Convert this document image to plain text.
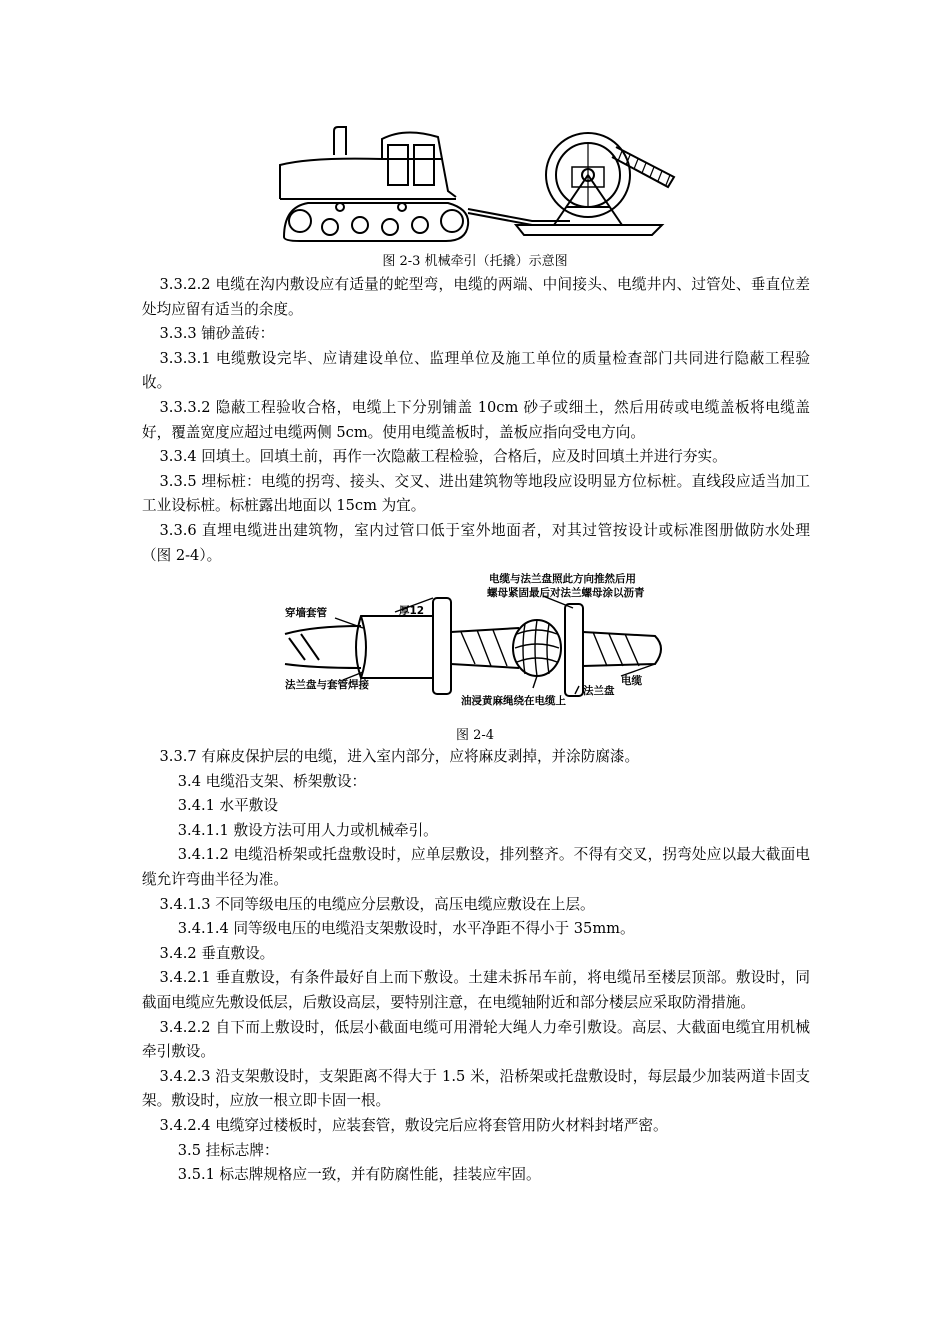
图 2-3 机械牵引（托撬）示意图

3.3.2.2 电缆在沟内敷设应有适量的蛇型弯，电缆的两端、中间接头、电缆井内、过管处、垂直位差处均应留有适当的余度。

3.3.3 铺砂盖砖：

3.3.3.1 电缆敷设完毕、应请建设单位、监理单位及施工单位的质量检查部门共同进行隐蔽工程验收。

3.3.3.2 隐蔽工程验收合格，电缆上下分别铺盖 10cm 砂子或细土，然后用砖或电缆盖板将电缆盖好，覆盖宽度应超过电缆两侧 5cm。使用电缆盖板时，盖板应指向受电方向。

3.3.4 回填土。回填土前，再作一次隐蔽工程检验，合格后，应及时回填土并进行夯实。

3.3.5 埋标桩：电缆的拐弯、接头、交叉、进出建筑物等地段应设明显方位标桩。直线段应适当加工工业设标桩。标桩露出地面以 15cm 为宜。

3.3.6 直埋电缆进出建筑物，室内过管口低于室外地面者，对其过管按设计或标准图册做防水处理（图 2-4）。

穿墙套管	厚12
电缆与法兰盘照此方向推然后用
螺母紧固最后对法兰螺母涂以沥青
法兰盘与套管焊接
油浸黄麻绳绕在电缆上
法兰盘
电缆
图 2-4

3.3.7 有麻皮保护层的电缆，进入室内部分，应将麻皮剥掉，并涂防腐漆。

3.4 电缆沿支架、桥架敷设：

3.4.1 水平敷设

3.4.1.1 敷设方法可用人力或机械牵引。

3.4.1.2 电缆沿桥架或托盘敷设时，应单层敷设，排列整齐。不得有交叉，拐弯处应以最大截面电缆允许弯曲半径为准。

3.4.1.3 不同等级电压的电缆应分层敷设，高压电缆应敷设在上层。

3.4.1.4 同等级电压的电缆沿支架敷设时，水平净距不得小于 35mm。

3.4.2 垂直敷设。

3.4.2.1 垂直敷设，有条件最好自上而下敷设。土建未拆吊车前，将电缆吊至楼层顶部。敷设时，同截面电缆应先敷设低层，后敷设高层，要特别注意，在电缆轴附近和部分楼层应采取防滑措施。

3.4.2.2 自下而上敷设时，低层小截面电缆可用滑轮大绳人力牵引敷设。高层、大截面电缆宜用机械牵引敷设。

3.4.2.3 沿支架敷设时，支架距离不得大于 1.5 米，沿桥架或托盘敷设时，每层最少加装两道卡固支架。敷设时，应放一根立即卡固一根。

3.4.2.4 电缆穿过楼板时，应装套管，敷设完后应将套管用防火材料封堵严密。

3.5 挂标志牌：

3.5.1 标志牌规格应一致，并有防腐性能，挂装应牢固。
